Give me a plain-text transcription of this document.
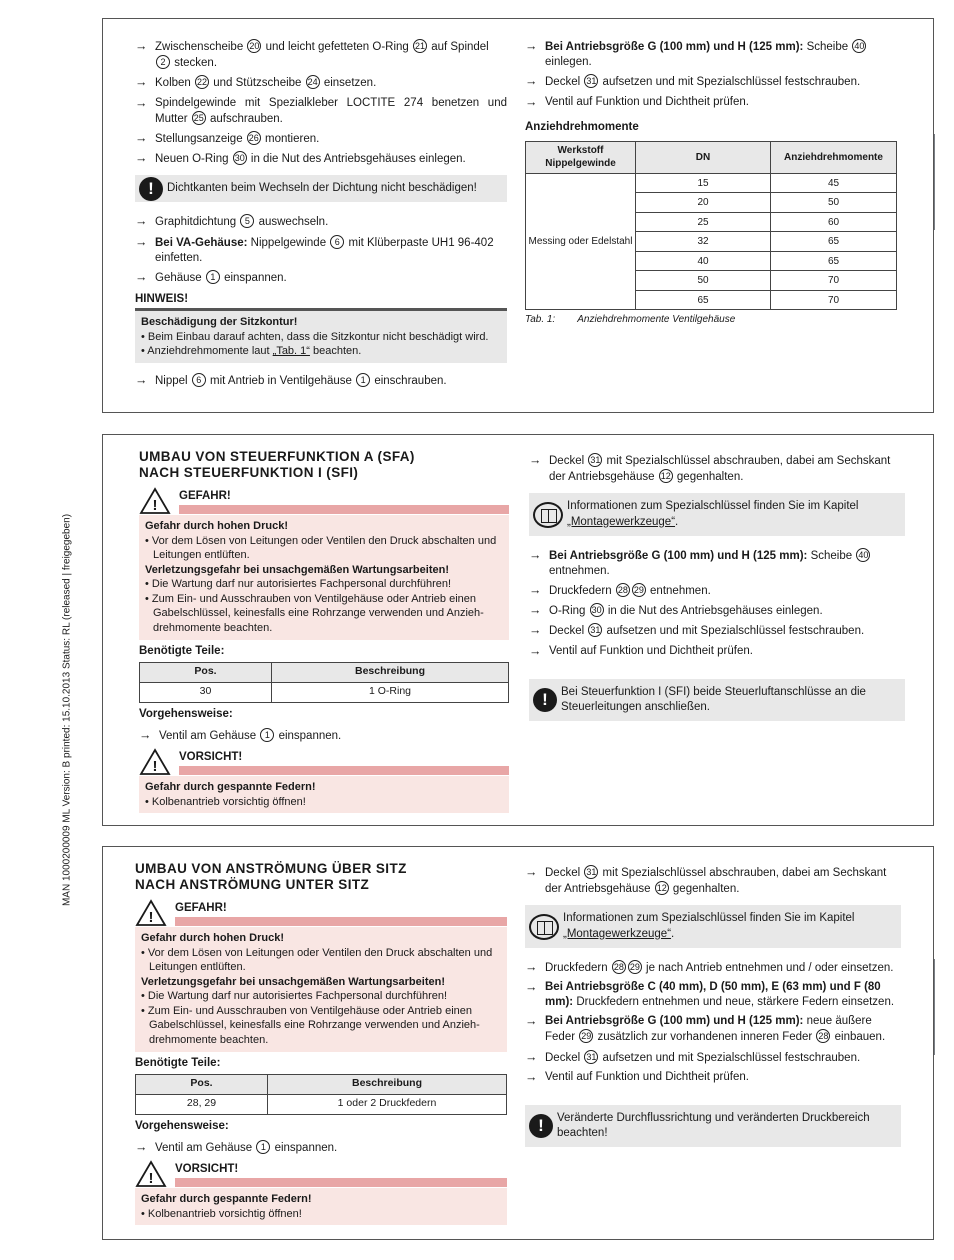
MAN 1000200009 ML Version: B printed: 15.10.2013 Status: RL (released | freigegeben)
→ Zwischenscheibe 20 und leicht gefetteten O-Ring 21 auf Spindel 2 stecken.
→ Kolben 22 und Stützscheibe 24 einsetzen.
→ Spindelgewinde mit Spezialkleber LOCTITE 274 benetzen und Mutter 25 aufschrauben.
→ Stellungsanzeige 26 montieren.
→ Neuen O-Ring 30 in die Nut des Antriebsgehäuses einlegen.
!	Dichtkanten beim Wechseln der Dichtung nicht beschädigen!
→ Graphitdichtung 5 auswechseln.
→ Bei VA-Gehäuse: Nippelgewinde 6 mit Klüberpaste UH1 96-402 einfetten.
→ Gehäuse 1 einspannen.
HINWEIS!
Beschädigung der Sitzkontur!
• Beim Einbau darauf achten, dass die Sitzkontur nicht beschädigt wird.
• Anziehdrehmomente laut „Tab. 1“ beachten.
→ Nippel 6 mit Antrieb in Ventilgehäuse 1 einschrauben.
→ Bei Antriebsgröße G (100 mm) und H (125 mm): Scheibe 40 einlegen.
→ Deckel 31 aufsetzen und mit Spezialschlüssel festschrauben.
→ Ventil auf Funktion und Dichtheit prüfen.
Anziehdrehmomente
Werkstoff Nippelgewinde	DN	Anziehdrehmomente
Messing oder Edelstahl	15	45
	20	50
	25	60
	32	65
	40	65
	50	70
	65	70
Tab. 1: Anziehdrehmomente Ventilgehäuse
UMBAU VON STEUERFUNKTION A (SFA)
NACH STEUERFUNKTION I (SFI)
!
GEFAHR!
Gefahr durch hohen Druck!
• Vor dem Lösen von Leitungen oder Ventilen den Druck abschalten und Leitungen entlüften.
Verletzungsgefahr bei unsachgemäßen Wartungsarbeiten!
• Die Wartung darf nur autorisiertes Fachpersonal durchführen!
• Zum Ein- und Ausschrauben von Ventilgehäuse oder Antrieb einen Gabelschlüssel, keinesfalls eine Rohrzange verwenden und Anzieh-drehmomente beachten.
Benötigte Teile:
Pos.	Beschreibung
30	1 O-Ring
Vorgehensweise:
→ Ventil am Gehäuse 1 einspannen.
!
VORSICHT!
Gefahr durch gespannte Federn!
• Kolbenantrieb vorsichtig öffnen!
→ Deckel 31 mit Spezialschlüssel abschrauben, dabei am Sechskant der Antriebsgehäuse 12 gegenhalten.
Informationen zum Spezialschlüssel finden Sie im Kapitel „Montagewerkzeuge“.
→ Bei Antriebsgröße G (100 mm) und H (125 mm): Scheibe 40 entnehmen.
→ Druckfedern 28 29 entnehmen.
→ O-Ring 30 in die Nut des Antriebsgehäuses einlegen.
→ Deckel 31 aufsetzen und mit Spezialschlüssel festschrauben.
→ Ventil auf Funktion und Dichtheit prüfen.
!	Bei Steuerfunktion I (SFI) beide Steuerluftanschlüsse an die Steuerleitungen anschließen.
UMBAU VON ANSTRÖMUNG ÜBER SITZ
NACH ANSTRÖMUNG UNTER SITZ
!
GEFAHR!
Gefahr durch hohen Druck!
• Vor dem Lösen von Leitungen oder Ventilen den Druck abschalten und Leitungen entlüften.
Verletzungsgefahr bei unsachgemäßen Wartungsarbeiten!
• Die Wartung darf nur autorisiertes Fachpersonal durchführen!
• Zum Ein- und Ausschrauben von Ventilgehäuse oder Antrieb einen Gabelschlüssel, keinesfalls eine Rohrzange verwenden und Anzieh-drehmomente beachten.
Benötigte Teile:
Pos.	Beschreibung
28, 29	1 oder 2 Druckfedern
Vorgehensweise:
→ Ventil am Gehäuse 1 einspannen.
!
VORSICHT!
Gefahr durch gespannte Federn!
• Kolbenantrieb vorsichtig öffnen!
→ Deckel 31 mit Spezialschlüssel abschrauben, dabei am Sechskant der Antriebsgehäuse 12 gegenhalten.
Informationen zum Spezialschlüssel finden Sie im Kapitel „Montagewerkzeuge“.
→ Druckfedern 28 29 je nach Antrieb entnehmen und / oder einsetzen.
→ Bei Antriebsgröße C (40 mm), D (50 mm), E (63 mm) und F (80 mm): Druckfedern entnehmen und neue, stärkere Federn einsetzen.
→ Bei Antriebsgröße G (100 mm) und H (125 mm): neue äußere Feder 29 zusätzlich zur vorhandenen inneren Feder 28 einbauen.
→ Deckel 31 aufsetzen und mit Spezialschlüssel festschrauben.
→ Ventil auf Funktion und Dichtheit prüfen.
!	Veränderte Durchflussrichtung und veränderten Druckbereich beachten!
